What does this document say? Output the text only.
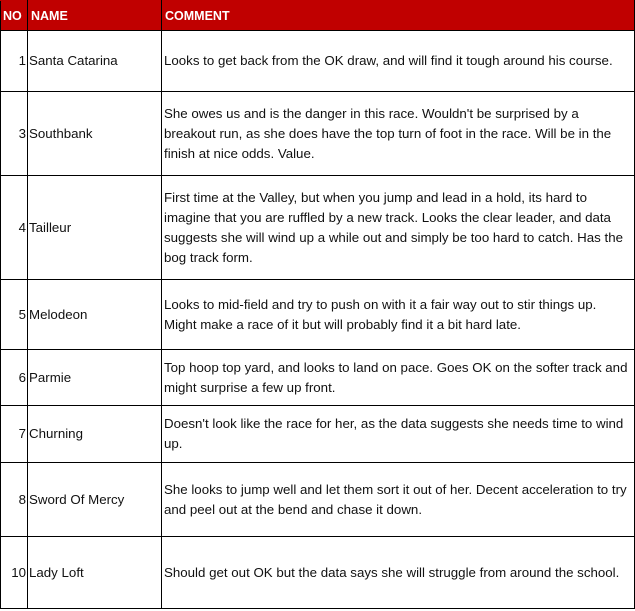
NO	NAME	COMMENT
1	Santa Catarina	Looks to get back from the OK draw, and will find it tough around his course.
3	Southbank	She owes us and is the danger in this race. Wouldn't be surprised by a breakout run, as she does have the top turn of foot in the race. Will be in the finish at nice odds. Value.
4	Tailleur	First time at the Valley, but when you jump and lead in a hold, its hard to imagine that you are ruffled by a new track. Looks the clear leader, and data suggests she will wind up a while out and simply be too hard to catch. Has the bog track form.
5	Melodeon	Looks to mid-field and try to push on with it a fair way out to stir things up. Might make a race of it but will probably find it a bit hard late.
6	Parmie	Top hoop top yard, and looks to land on pace. Goes OK on the softer track and might surprise a few up front.
7	Churning	Doesn't look like the race for her, as the data suggests she needs time to wind up.
8	Sword Of Mercy	She looks to jump well and let them sort it out of her. Decent acceleration to try and peel out at the bend and chase it down.
10	Lady Loft	Should get out OK but the data says she will struggle from around the school.
